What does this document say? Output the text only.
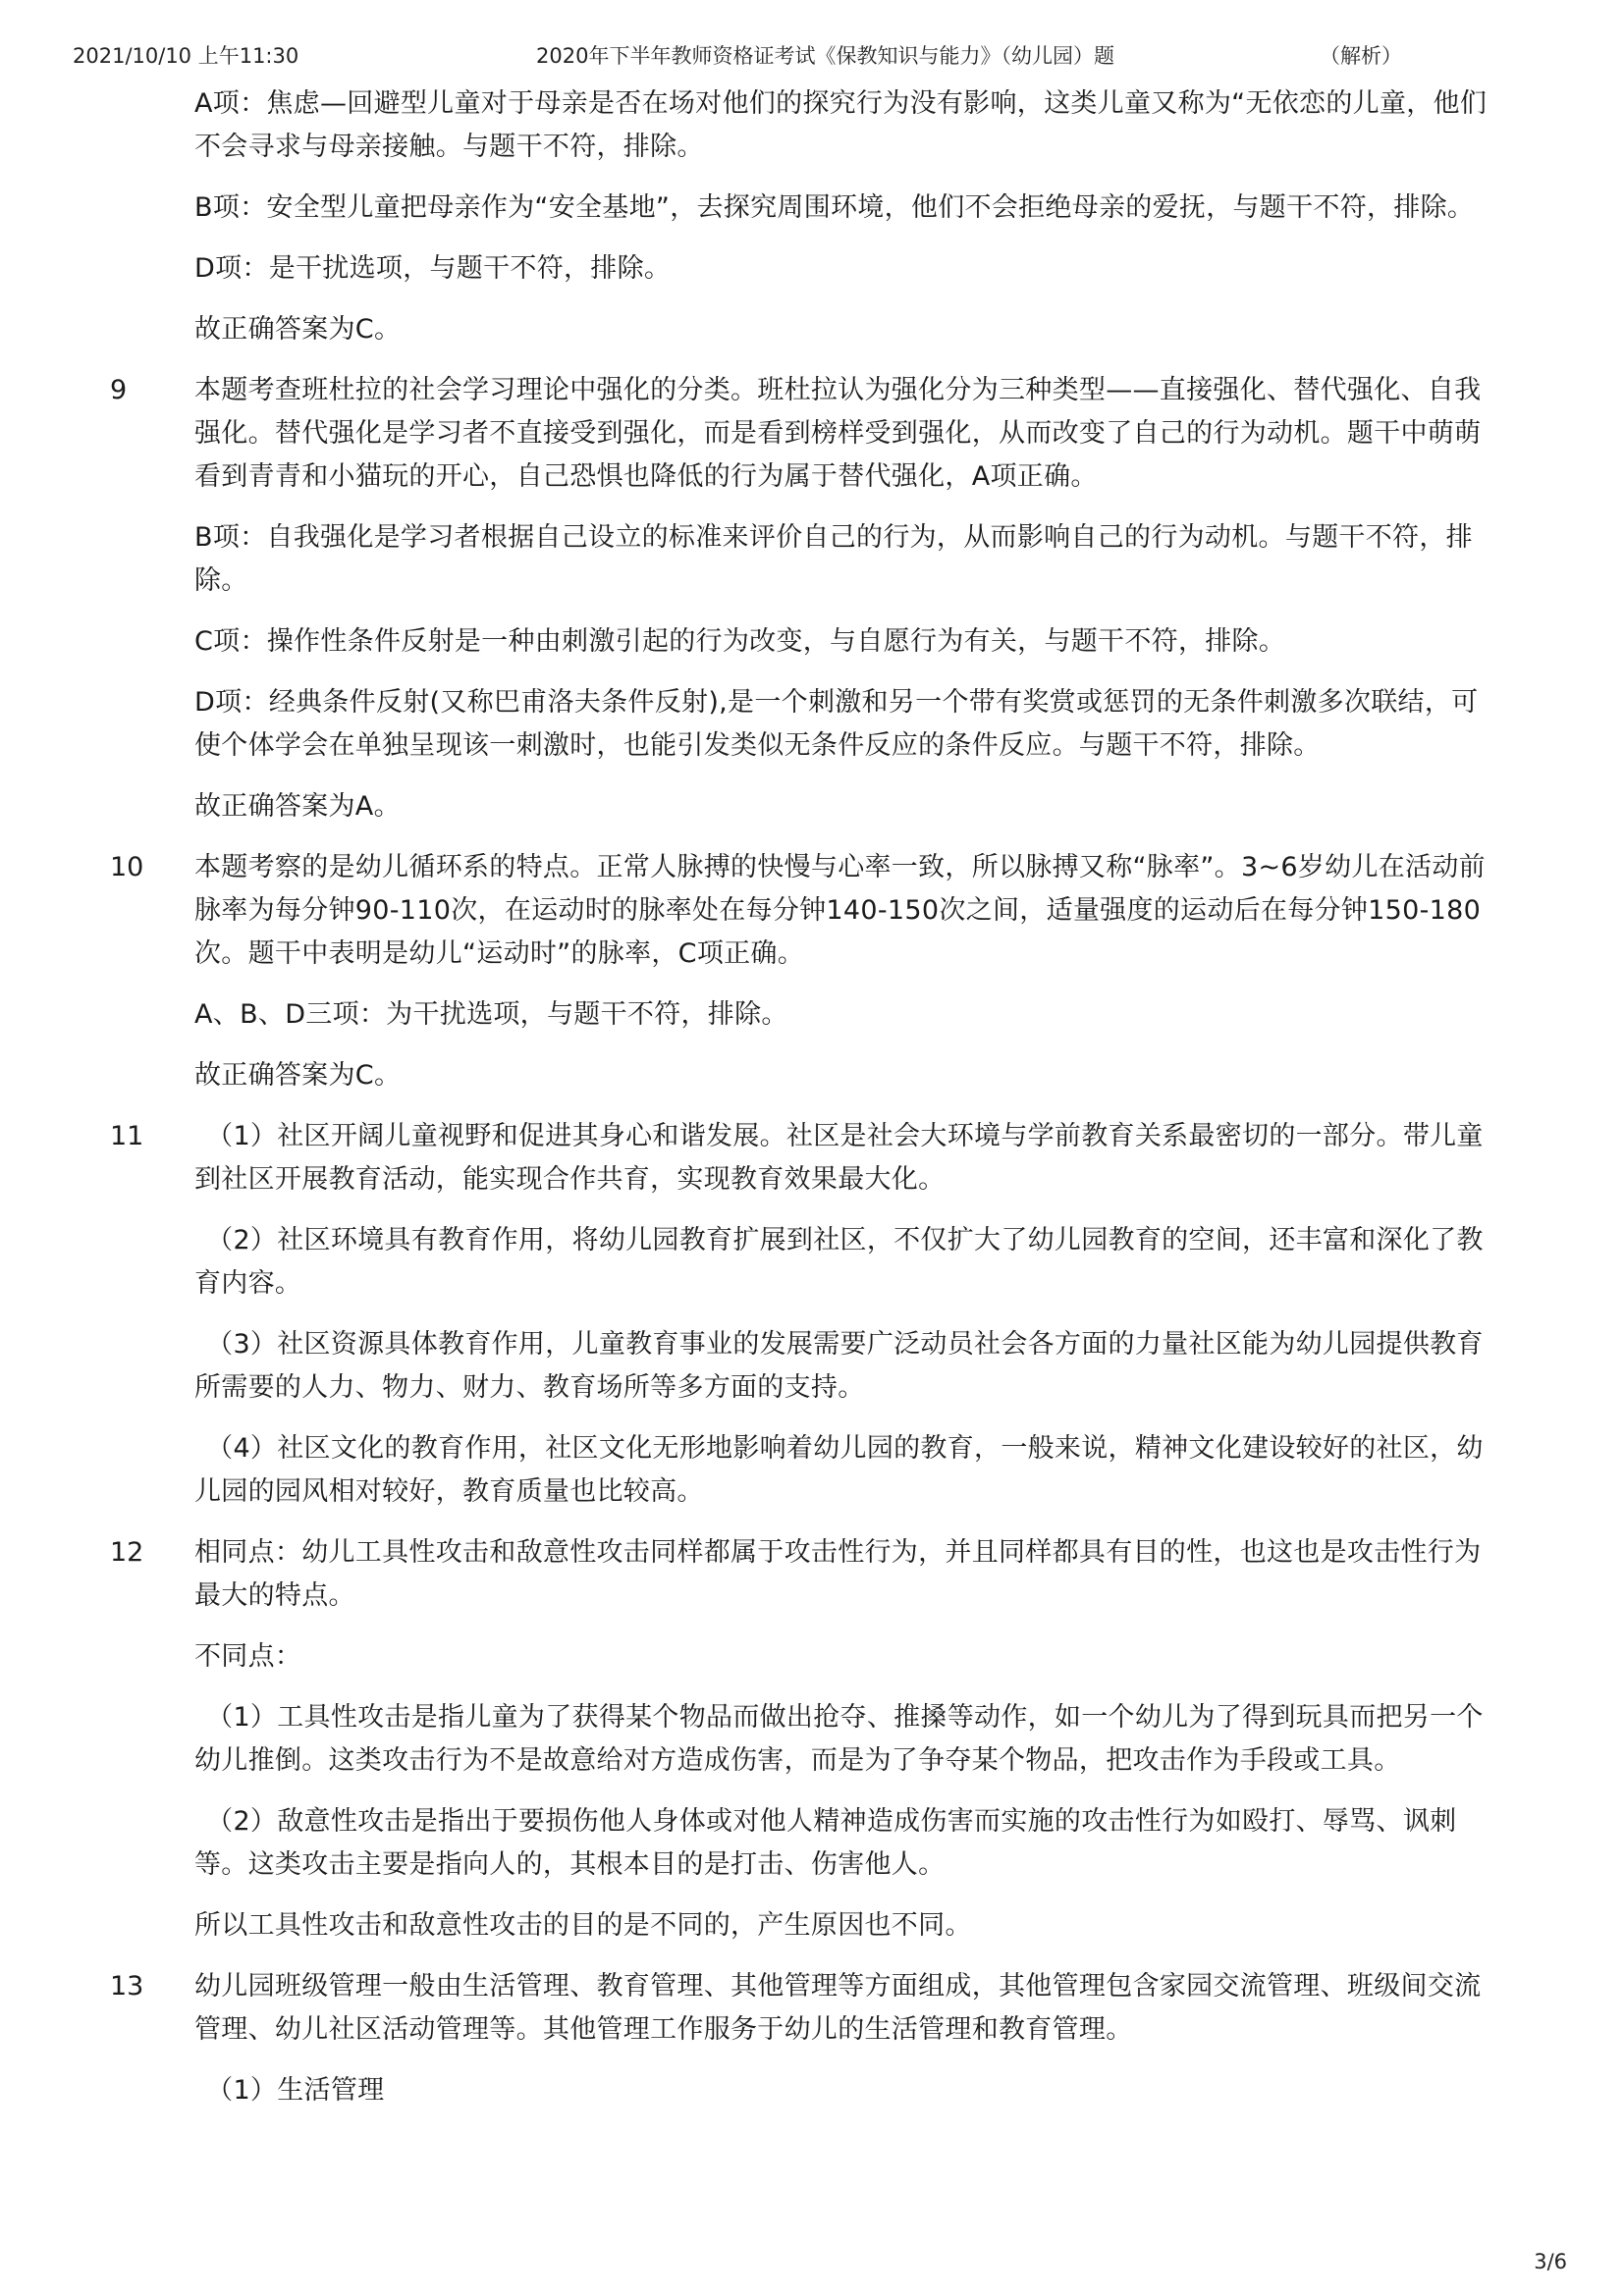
2021/10/10 上午11:30	2020年下半年教师资格证考试《保教知识与能力》（幼儿园）题	（解析）

A项：焦虑—回避型儿童对于母亲是否在场对他们的探究行为没有影响，这类儿童又称为“无依恋的儿童，他们不会寻求与母亲接触。与题干不符，排除。

B项：安全型儿童把母亲作为“安全基地”，去探究周围环境，他们不会拒绝母亲的爱抚，与题干不符，排除。

D项：是干扰选项，与题干不符，排除。

故正确答案为C。

9	本题考查班杜拉的社会学习理论中强化的分类。班杜拉认为强化分为三种类型——直接强化、替代强化、自我强化。替代强化是学习者不直接受到强化，而是看到榜样受到强化，从而改变了自己的行为动机。题干中萌萌看到青青和小猫玩的开心，自己恐惧也降低的行为属于替代强化，A项正确。

B项：自我强化是学习者根据自己设立的标准来评价自己的行为，从而影响自己的行为动机。与题干不符，排除。

C项：操作性条件反射是一种由刺激引起的行为改变，与自愿行为有关，与题干不符，排除。

D项：经典条件反射(又称巴甫洛夫条件反射),是一个刺激和另一个带有奖赏或惩罚的无条件刺激多次联结，可使个体学会在单独呈现该一刺激时，也能引发类似无条件反应的条件反应。与题干不符，排除。

故正确答案为A。

10 本题考察的是幼儿循环系的特点。正常人脉搏的快慢与心率一致，所以脉搏又称“脉率”。3~6岁幼儿在活动前脉率为每分钟90-110次，在运动时的脉率处在每分钟140-150次之间，适量强度的运动后在每分钟150-180次。题干中表明是幼儿“运动时”的脉率，C项正确。

A、B、D三项：为干扰选项，与题干不符，排除。

故正确答案为C。

11	（1）社区开阔儿童视野和促进其身心和谐发展。社区是社会大环境与学前教育关系最密切的一部分。带儿童到社区开展教育活动，能实现合作共育，实现教育效果最大化。

（2）社区环境具有教育作用，将幼儿园教育扩展到社区，不仅扩大了幼儿园教育的空间，还丰富和深化了教育内容。

（3）社区资源具体教育作用，儿童教育事业的发展需要广泛动员社会各方面的力量社区能为幼儿园提供教育所需要的人力、物力、财力、教育场所等多方面的支持。

（4）社区文化的教育作用，社区文化无形地影响着幼儿园的教育，一般来说，精神文化建设较好的社区，幼儿园的园风相对较好，教育质量也比较高。

12 相同点：幼儿工具性攻击和敌意性攻击同样都属于攻击性行为，并且同样都具有目的性，也这也是攻击性行为最大的特点。

不同点：

（1）工具性攻击是指儿童为了获得某个物品而做出抢夺、推搡等动作，如一个幼儿为了得到玩具而把另一个幼儿推倒。这类攻击行为不是故意给对方造成伤害，而是为了争夺某个物品，把攻击作为手段或工具。

（2）敌意性攻击是指出于要损伤他人身体或对他人精神造成伤害而实施的攻击性行为如殴打、辱骂、讽刺等。这类攻击主要是指向人的，其根本目的是打击、伤害他人。

所以工具性攻击和敌意性攻击的目的是不同的，产生原因也不同。

13 幼儿园班级管理一般由生活管理、教育管理、其他管理等方面组成，其他管理包含家园交流管理、班级间交流管理、幼儿社区活动管理等。其他管理工作服务于幼儿的生活管理和教育管理。

（1）生活管理

3/6
